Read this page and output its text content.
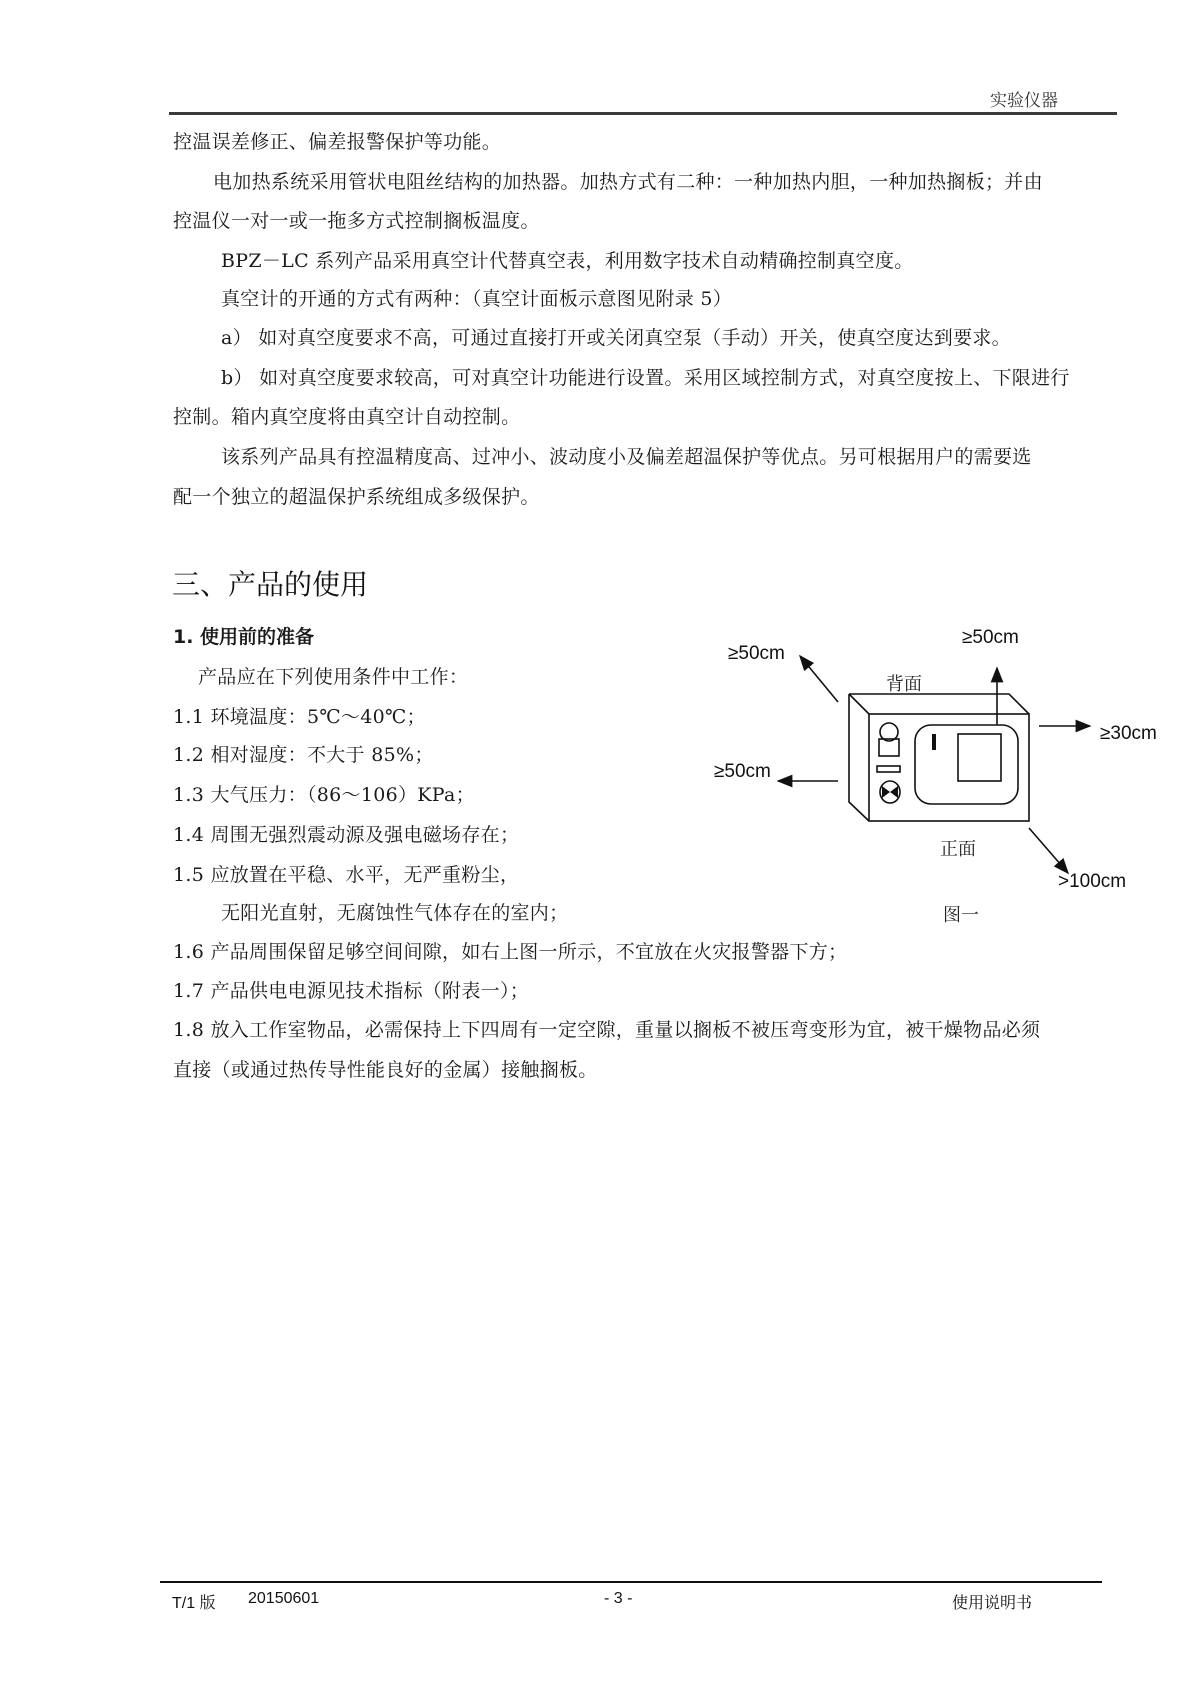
实验仪器
控温误差修正、偏差报警保护等功能。
电加热系统采用管状电阻丝结构的加热器。加热方式有二种：一种加热内胆，一种加热搁板；并由
控温仪一对一或一拖多方式控制搁板温度。
BPZ－LC 系列产品采用真空计代替真空表，利用数字技术自动精确控制真空度。
真空计的开通的方式有两种：（真空计面板示意图见附录 5）
a） 如对真空度要求不高，可通过直接打开或关闭真空泵（手动）开关，使真空度达到要求。
b） 如对真空度要求较高，可对真空计功能进行设置。采用区域控制方式，对真空度按上、下限进行
控制。箱内真空度将由真空计自动控制。
该系列产品具有控温精度高、过冲小、波动度小及偏差超温保护等优点。另可根据用户的需要选
配一个独立的超温保护系统组成多级保护。
三、产品的使用
1. 使用前的准备
产品应在下列使用条件中工作：
1.1 环境温度：5℃～40℃；
1.2 相对湿度：不大于 85%；
1.3 大气压力：（86～106）KPa；
1.4 周围无强烈震动源及强电磁场存在；
1.5 应放置在平稳、水平，无严重粉尘，
无阳光直射，无腐蚀性气体存在的室内；
1.6 产品周围保留足够空间间隙，如右上图一所示，不宜放在火灾报警器下方；
1.7 产品供电电源见技术指标（附表一）；
1.8 放入工作室物品，必需保持上下四周有一定空隙，重量以搁板不被压弯变形为宜，被干燥物品必须
直接（或通过热传导性能良好的金属）接触搁板。
≥50cm
背面
≥50cm
≥30cm
≥50cm
正面
>100cm
图一
T/1 版 20150601	- 3 -	使用说明书
